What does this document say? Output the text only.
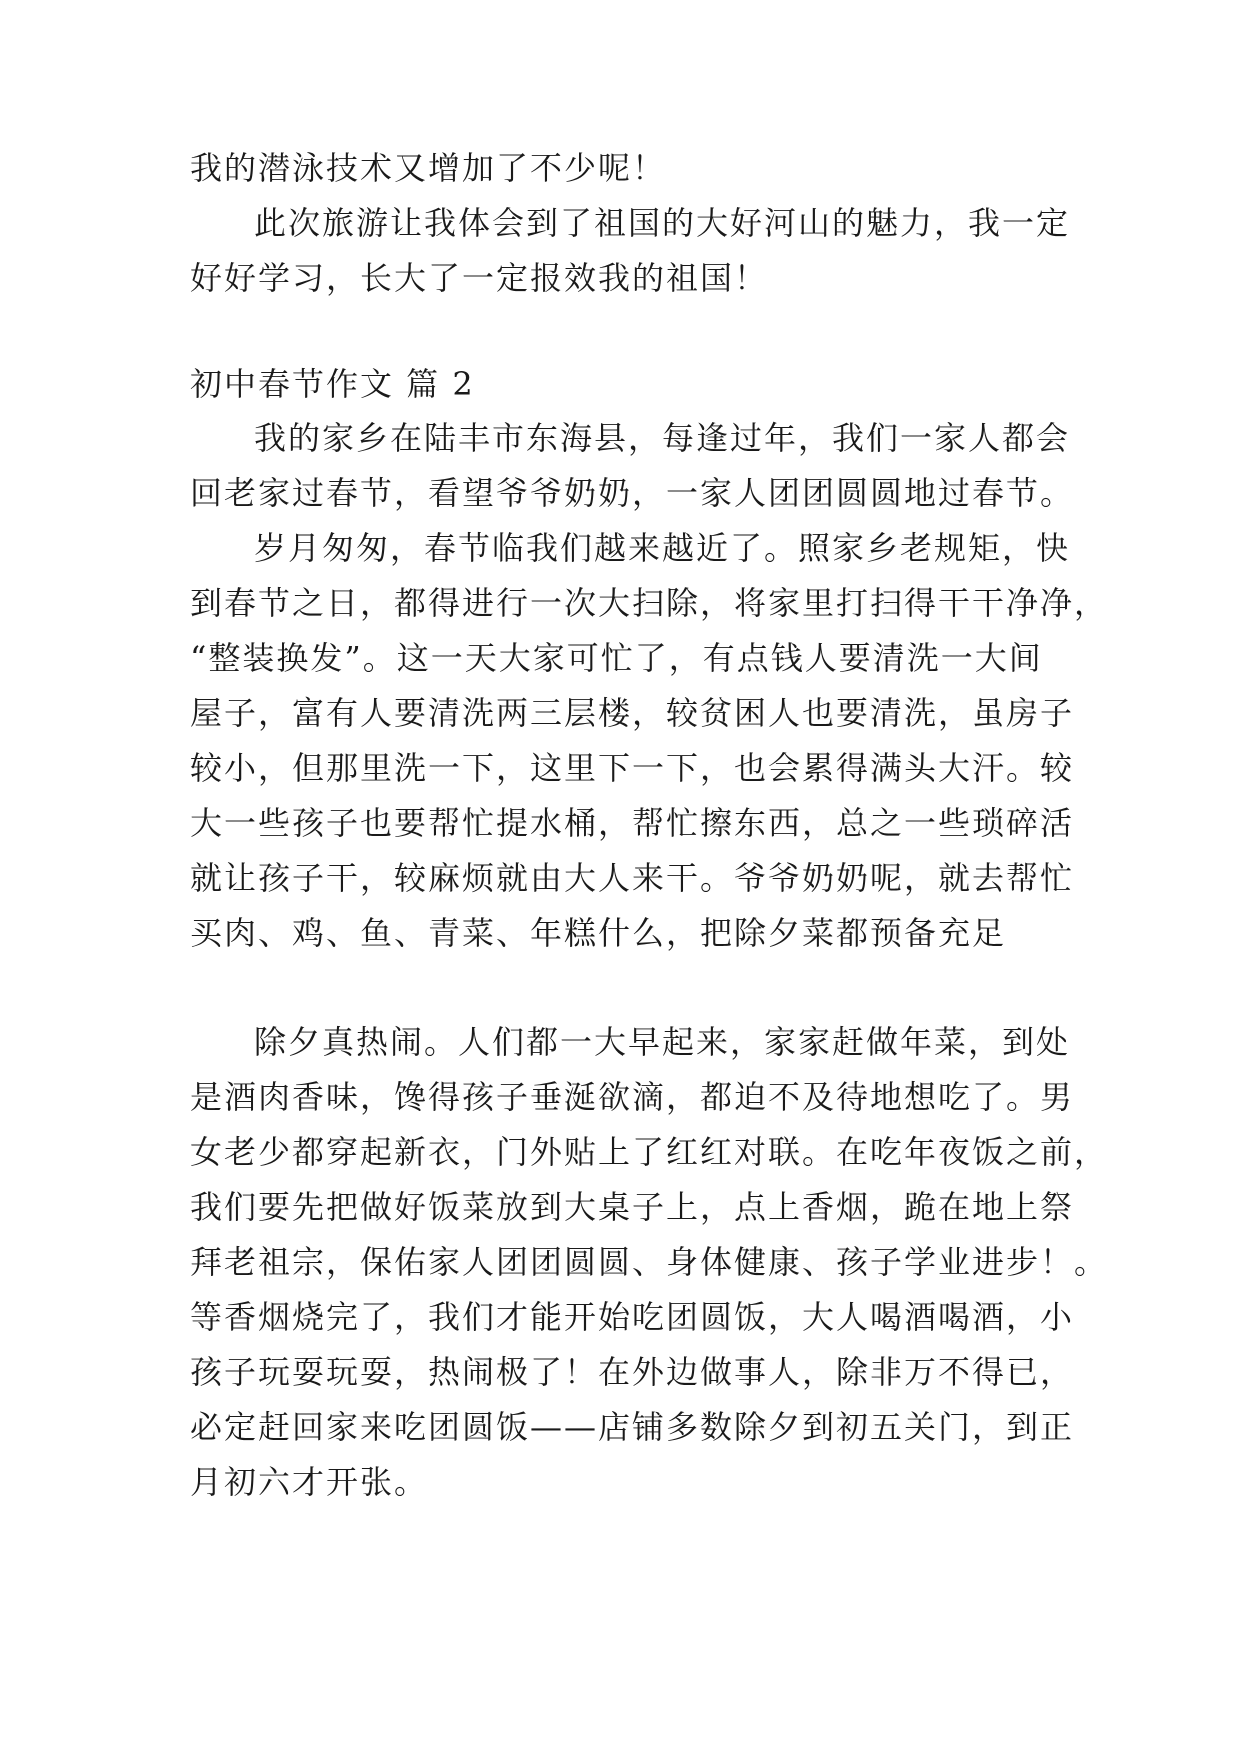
我的潜泳技术又增加了不少呢！
此次旅游让我体会到了祖国的大好河山的魅力，我一定
好好学习，长大了一定报效我的祖国！
初中春节作文 篇 2
我的家乡在陆丰市东海县，每逢过年，我们一家人都会
回老家过春节，看望爷爷奶奶，一家人团团圆圆地过春节。
岁月匆匆，春节临我们越来越近了。照家乡老规矩，快
到春节之日，都得进行一次大扫除，将家里打扫得干干净净，
“整装换发”。这一天大家可忙了，有点钱人要清洗一大间
屋子，富有人要清洗两三层楼，较贫困人也要清洗，虽房子
较小，但那里洗一下，这里下一下，也会累得满头大汗。较
大一些孩子也要帮忙提水桶，帮忙擦东西，总之一些琐碎活
就让孩子干，较麻烦就由大人来干。爷爷奶奶呢，就去帮忙
买肉、鸡、鱼、青菜、年糕什么，把除夕菜都预备充足
除夕真热闹。人们都一大早起来，家家赶做年菜，到处
是酒肉香味，馋得孩子垂涎欲滴，都迫不及待地想吃了。男
女老少都穿起新衣，门外贴上了红红对联。在吃年夜饭之前，
我们要先把做好饭菜放到大桌子上，点上香烟，跪在地上祭
拜老祖宗，保佑家人团团圆圆、身体健康、孩子学业进步！。
等香烟烧完了，我们才能开始吃团圆饭，大人喝酒喝酒，小
孩子玩耍玩耍，热闹极了！在外边做事人，除非万不得已，
必定赶回家来吃团圆饭——店铺多数除夕到初五关门，到正
月初六才开张。
